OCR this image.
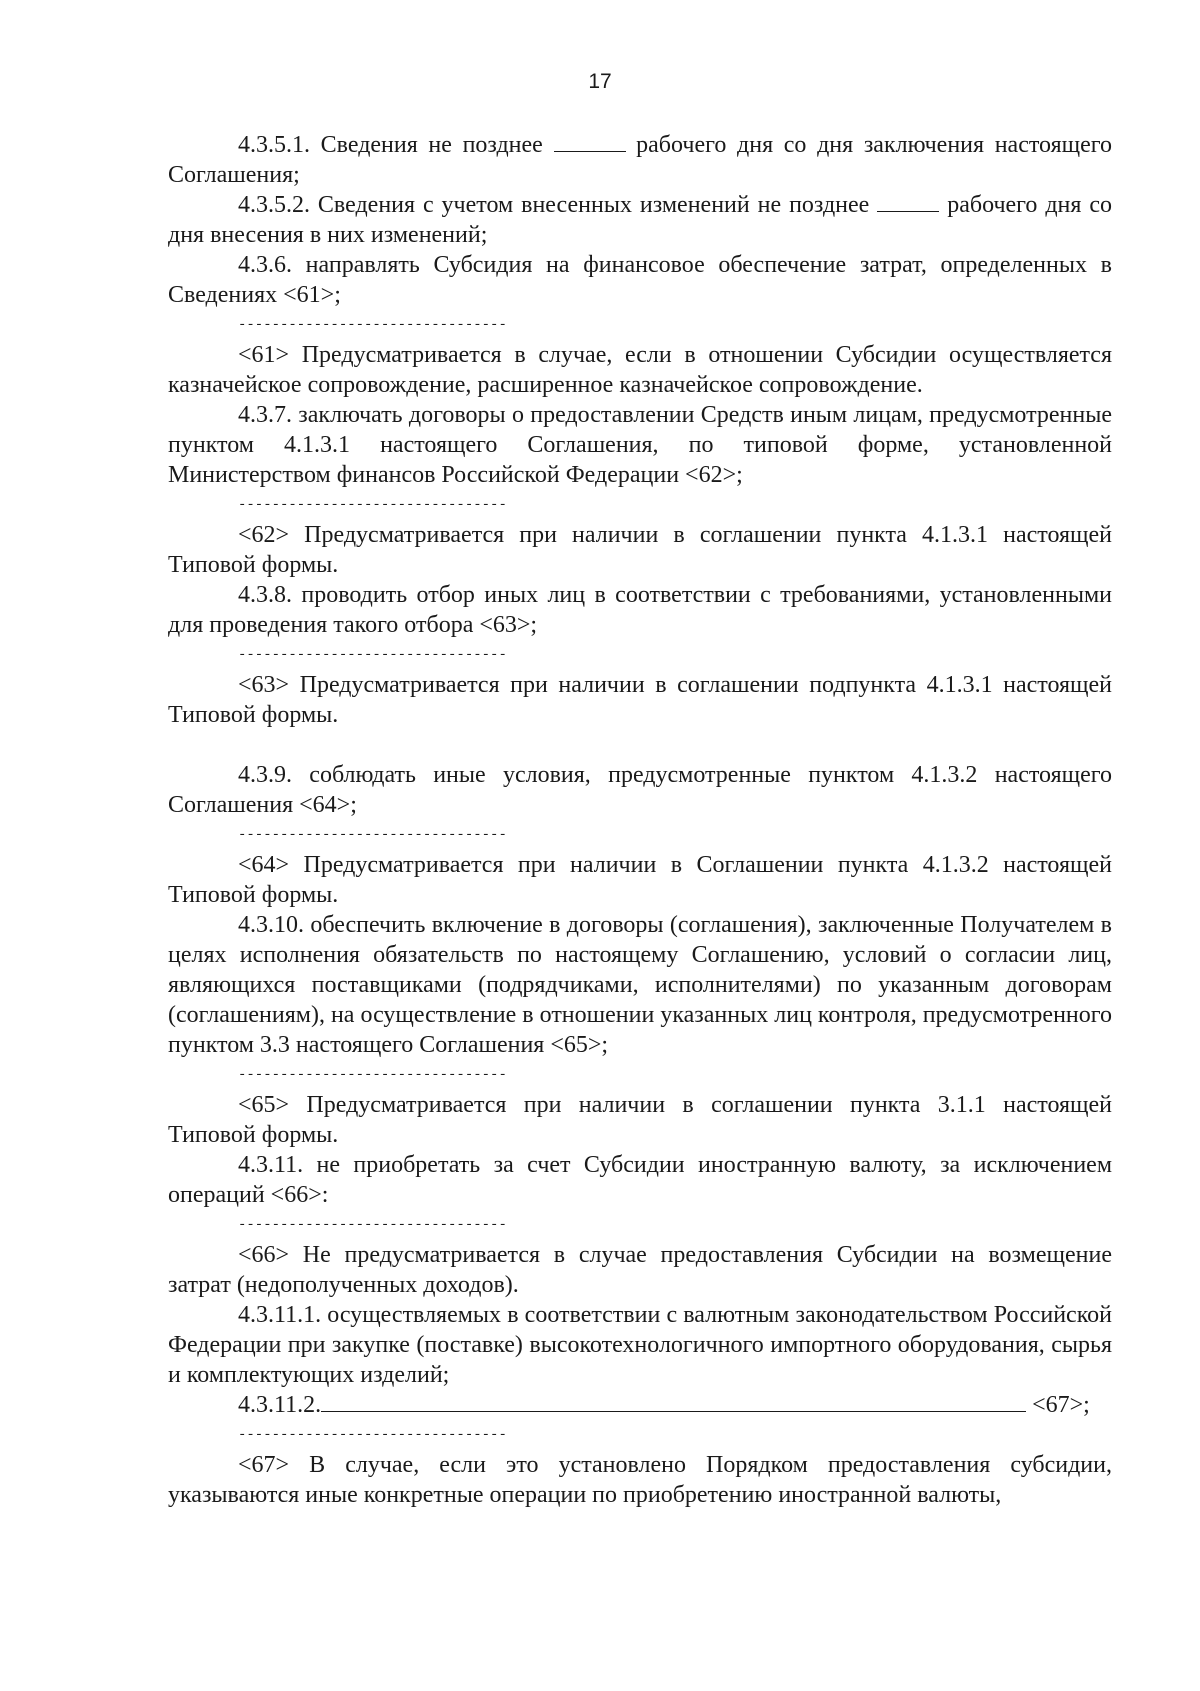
17

4.3.5.1. Сведения не позднее	рабочего дня со дня заключения настоящего Соглашения;

4.3.5.2. Сведения с учетом внесенных изменений не позднее	рабочего дня со дня внесения в них изменений;

4.3.6. направлять Субсидия на финансовое обеспечение затрат, определенных в Сведениях <61>;

--------------------------------

<61> Предусматривается в случае, если в отношении Субсидии осуществляется казначейское сопровождение, расширенное казначейское сопровождение.

4.3.7. заключать договоры о предоставлении Средств иным лицам, предусмотренные пунктом 4.1.3.1 настоящего Соглашения, по типовой форме, установленной Министерством финансов Российской Федерации <62>;

--------------------------------

<62> Предусматривается при наличии в соглашении пункта 4.1.3.1 настоящей Типовой формы.

4.3.8. проводить отбор иных лиц в соответствии с требованиями, установленными для проведения такого отбора <63>;

--------------------------------

<63> Предусматривается при наличии в соглашении подпункта 4.1.3.1 настоящей Типовой формы.

4.3.9. соблюдать иные условия, предусмотренные пунктом 4.1.3.2 настоящего Соглашения <64>;

--------------------------------

<64> Предусматривается при наличии в Соглашении пункта 4.1.3.2 настоящей Типовой формы.

4.3.10. обеспечить включение в договоры (соглашения), заключенные Получателем в целях исполнения обязательств по настоящему Соглашению, условий о согласии лиц, являющихся поставщиками (подрядчиками, исполнителями) по указанным договорам (соглашениям), на осуществление в отношении указанных лиц контроля, предусмотренного пунктом 3.3 настоящего Соглашения <65>;

--------------------------------

<65> Предусматривается при наличии в соглашении пункта 3.1.1 настоящей Типовой формы.

4.3.11. не приобретать за счет Субсидии иностранную валюту, за исключением операций <66>:

--------------------------------

<66> Не предусматривается в случае предоставления Субсидии на возмещение затрат (недополученных доходов).

4.3.11.1. осуществляемых в соответствии с валютным законодательством Российской Федерации при закупке (поставке) высокотехнологичного импортного оборудования, сырья и комплектующих изделий;

4.3.11.2.	<67>;

--------------------------------

<67> В случае, если это установлено Порядком предоставления субсидии, указываются иные конкретные операции по приобретению иностранной валюты,
